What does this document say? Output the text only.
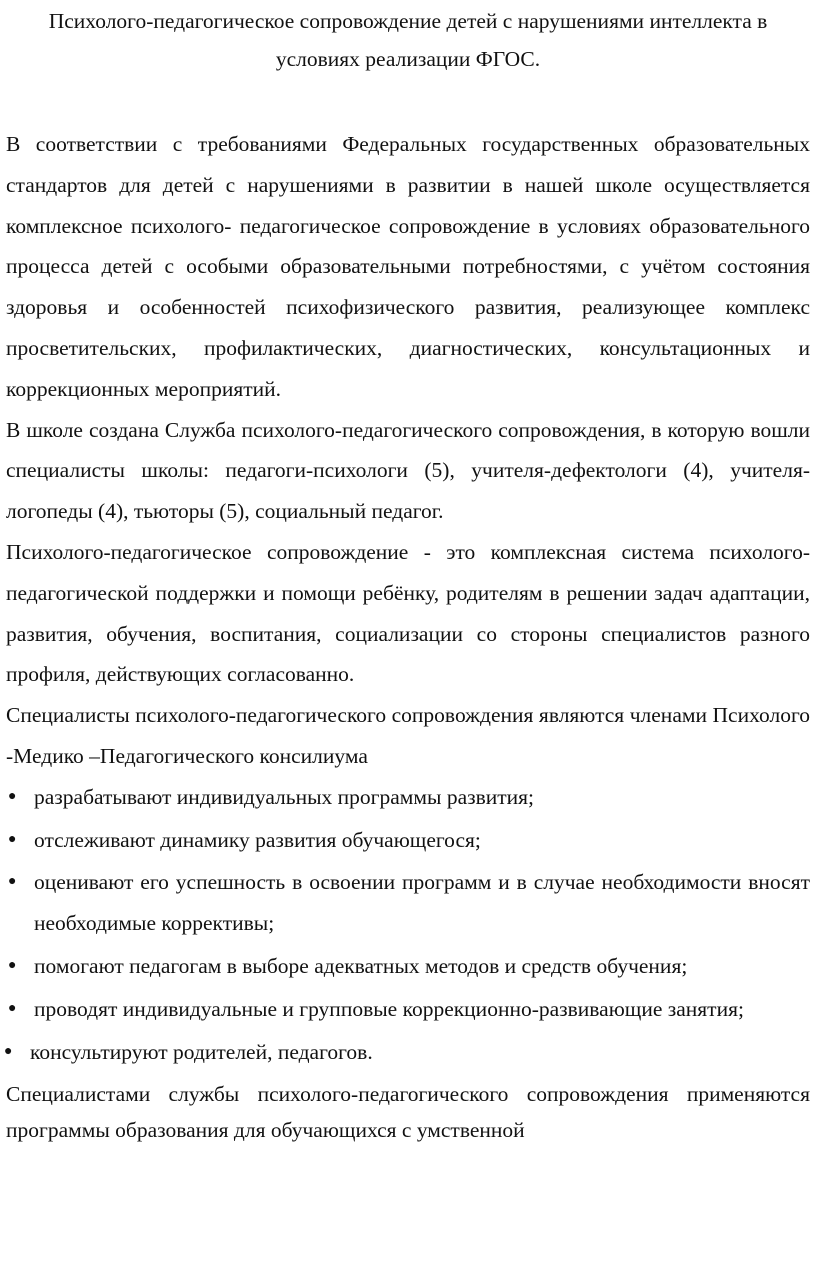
Психолого-педагогическое сопровождение детей с нарушениями интеллекта в условиях реализации ФГОС.

В соответствии с требованиями Федеральных государственных образовательных стандартов для детей с нарушениями в развитии в нашей школе осуществляется комплексное психолого- педагогическое сопровождение в условиях образовательного процесса детей с особыми образовательными потребностями, с учётом состояния здоровья и особенностей психофизического развития, реализующее комплекс просветительских, профилактических, диагностических, консультационных и коррекционных мероприятий.

В школе создана Служба психолого-педагогического сопровождения, в которую вошли специалисты школы: педагоги-психологи (5), учителя-дефектологи (4), учителя-логопеды (4), тьюторы (5), социальный педагог.

Психолого-педагогическое сопровождение - это комплексная система психолого-педагогической поддержки и помощи ребёнку, родителям в решении задач адаптации, развития, обучения, воспитания, социализации со стороны специалистов разного профиля, действующих согласованно.

Специалисты психолого-педагогического сопровождения являются членами Психолого -Медико –Педагогического консилиума

● разрабатывают индивидуальных программы развития;
● отслеживают динамику развития обучающегося;
● оценивают его успешность в освоении программ и в случае необходимости вносят необходимые коррективы;
● помогают педагогам в выборе адекватных методов и средств обучения;
● проводят индивидуальные и групповые коррекционно-развивающие занятия;
● консультируют родителей, педагогов.

Специалистами службы психолого-педагогического сопровождения применяются программы образования для обучающихся с умственной
